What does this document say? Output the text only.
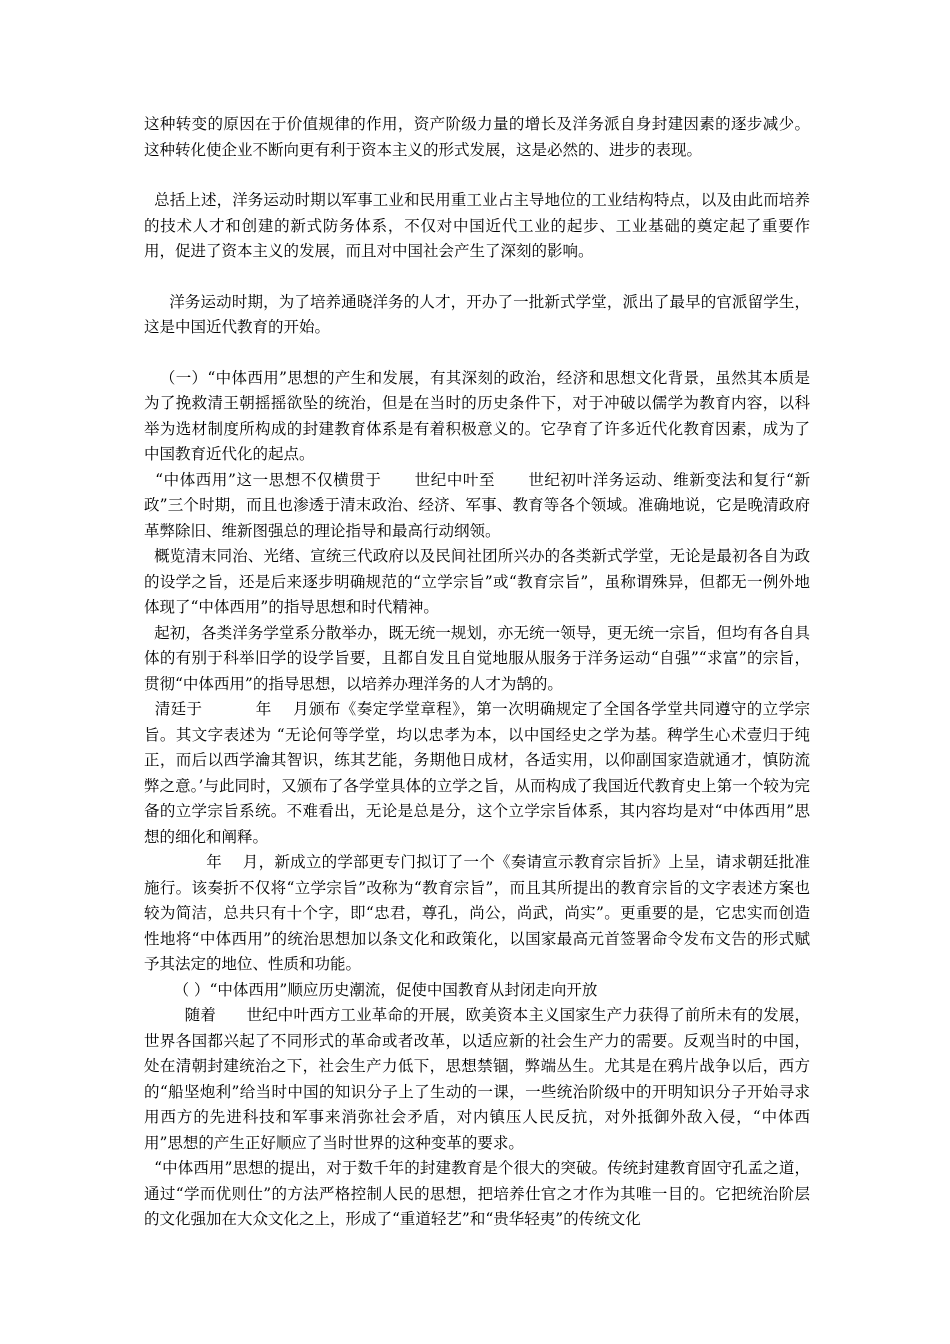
这种转变的原因在于价值规律的作用，资产阶级力量的增长及洋务派自身封建因素的逐步减少。这种转化使企业不断向更有利于资本主义的形式发展，这是必然的、进步的表现。

总括上述，洋务运动时期以军事工业和民用重工业占主导地位的工业结构特点，以及由此而培养的技术人才和创建的新式防务体系，不仅对中国近代工业的起步、工业基础的奠定起了重要作用，促进了资本主义的发展，而且对中国社会产生了深刻的影响。

洋务运动时期，为了培养通晓洋务的人才，开办了一批新式学堂，派出了最早的官派留学生，这是中国近代教育的开始。

（一）“中体西用”思想的产生和发展，有其深刻的政治，经济和思想文化背景，虽然其本质是为了挽救清王朝摇摇欲坠的统治，但是在当时的历史条件下，对于冲破以儒学为教育内容，以科举为选材制度所构成的封建教育体系是有着积极意义的。它孕育了许多近代化教育因素，成为了中国教育近代化的起点。

“中体西用”这一思想不仅横贯于      世纪中叶至      世纪初叶洋务运动、维新变法和复行“新政”三个时期，而且也渗透于清末政治、经济、军事、教育等各个领域。准确地说，它是晚清政府革弊除旧、维新图强总的理论指导和最高行动纲领。

概览清末同治、光绪、宣统三代政府以及民间社团所兴办的各类新式学堂，无论是最初各自为政的设学之旨，还是后来逐步明确规范的“立学宗旨”或“教育宗旨”，虽称谓殊异，但都无一例外地体现了“中体西用”的指导思想和时代精神。

起初，各类洋务学堂系分散举办，既无统一规划，亦无统一领导，更无统一宗旨，但均有各自具体的有别于科举旧学的设学旨要，且都自发且自觉地服从服务于洋务运动“自强”“求富”的宗旨，贯彻“中体西用”的指导思想，以培养办理洋务的人才为鹄的。

清廷于          年    月颁布《奏定学堂章程》，第一次明确规定了全国各学堂共同遵守的立学宗旨。其文字表述为 “无论何等学堂，均以忠孝为本，以中国经史之学为基。稗学生心术壹归于纯正，而后以西学瀹其智识，练其艺能，务期他日成材，各适实用，以仰副国家造就通才，慎防流弊之意。’与此同时，又颁布了各学堂具体的立学之旨，从而构成了我国近代教育史上第一个较为完备的立学宗旨系统。不难看出，无论是总是分，这个立学宗旨体系，其内容均是对“中体西用”思想的细化和阐释。

年    月，新成立的学部更专门拟订了一个《奏请宣示教育宗旨折》上呈，请求朝廷批准施行。该奏折不仅将“立学宗旨”改称为“教育宗旨”，而且其所提出的教育宗旨的文字表述方案也较为简洁，总共只有十个字，即“忠君，尊孔，尚公，尚武，尚实”。更重要的是，它忠实而创造性地将“中体西用”的统治思想加以条文化和政策化，以国家最高元首签署命令发布文告的形式赋予其法定的地位、性质和功能。

（ ）“中体西用”顺应历史潮流，促使中国教育从封闭走向开放

随着      世纪中叶西方工业革命的开展，欧美资本主义国家生产力获得了前所未有的发展，世界各国都兴起了不同形式的革命或者改革，以适应新的社会生产力的需要。反观当时的中国，处在清朝封建统治之下，社会生产力低下，思想禁锢，弊端丛生。尤其是在鸦片战争以后，西方的“船坚炮利”给当时中国的知识分子上了生动的一课，一些统治阶级中的开明知识分子开始寻求用西方的先进科技和军事来消弥社会矛盾，对内镇压人民反抗，对外抵御外敌入侵，“中体西用”思想的产生正好顺应了当时世界的这种变革的要求。

“中体西用”思想的提出，对于数千年的封建教育是个很大的突破。传统封建教育固守孔孟之道，通过“学而优则仕”的方法严格控制人民的思想，把培养仕官之才作为其唯一目的。它把统治阶层的文化强加在大众文化之上，形成了“重道轻艺”和“贵华轻夷”的传统文化
